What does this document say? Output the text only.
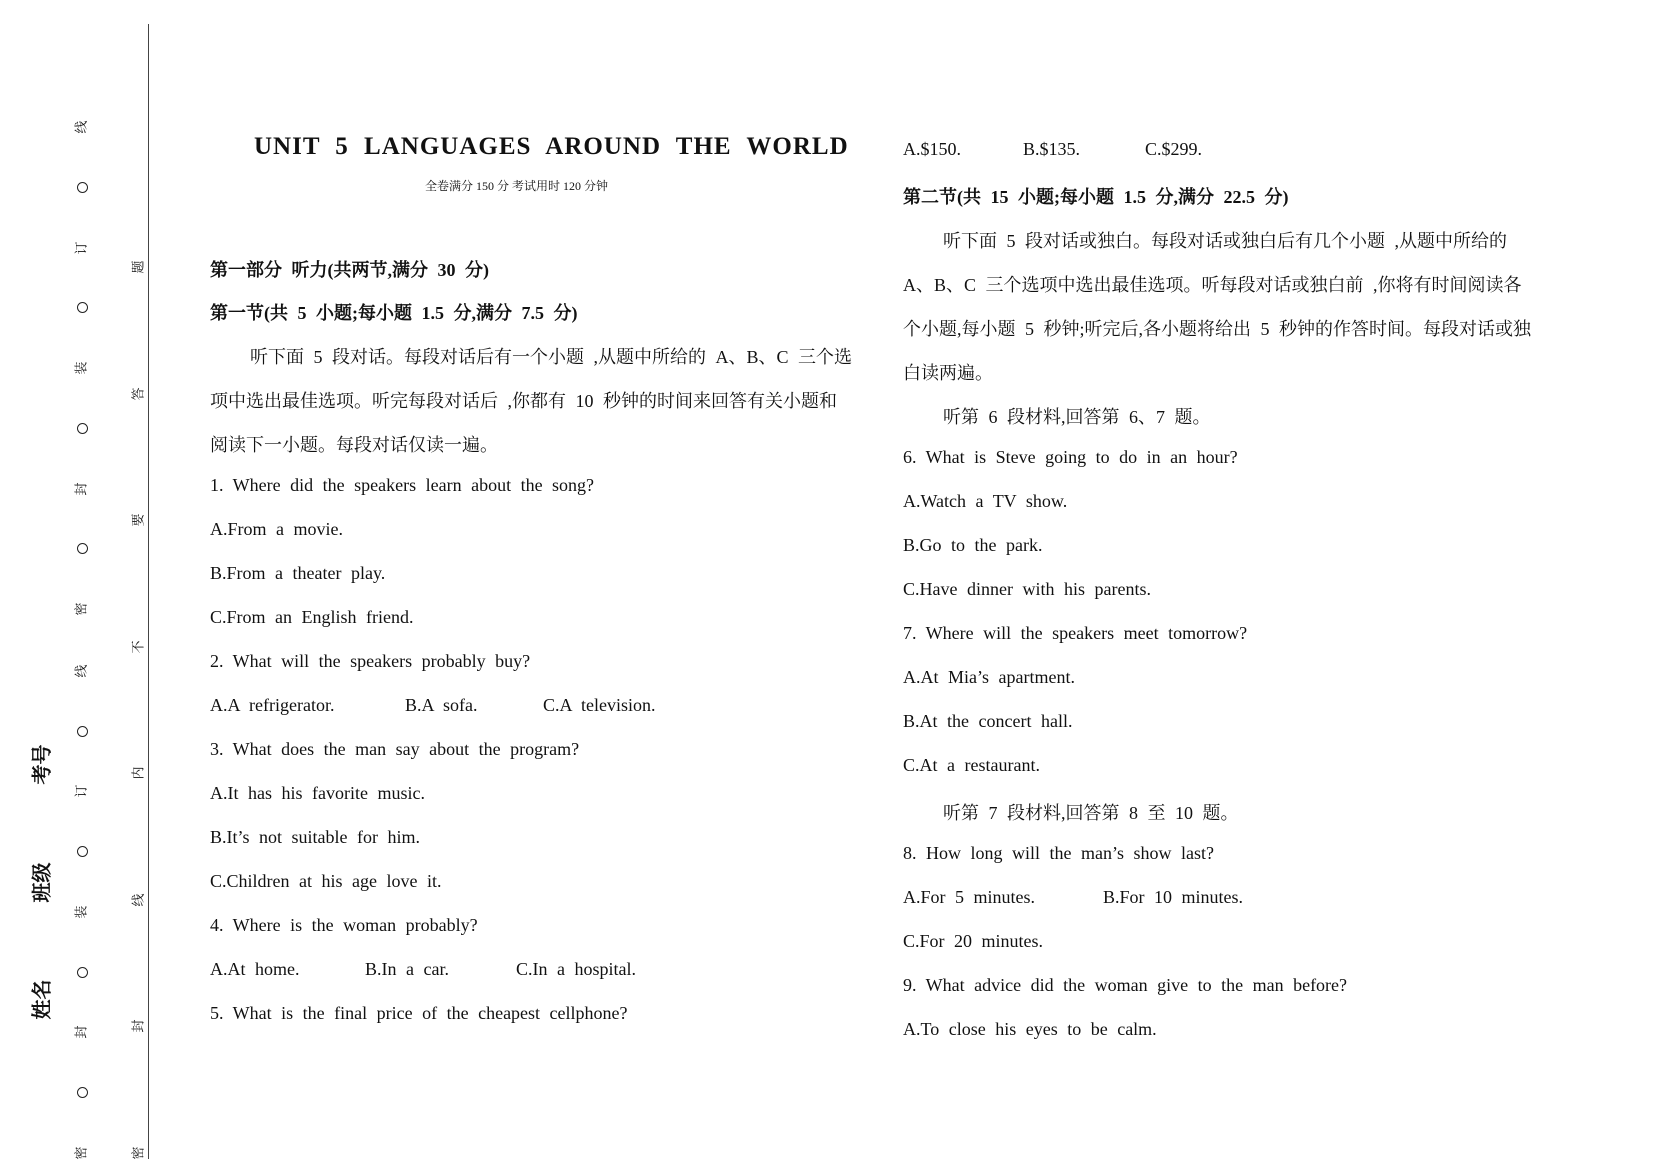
线
订
装
封
密
线
订
装
封
密
题
答
要
不
内
线
封
密
考号
班级
姓名
UNIT 5 LANGUAGES AROUND THE WORLD
全卷满分 150 分 考试用时 120 分钟
第一部分 听力(共两节,满分 30 分)
第一节(共 5 小题;每小题 1.5 分,满分 7.5 分)
听下面 5 段对话。每段对话后有一个小题 ,从题中所给的 A、B、C 三个选
项中选出最佳选项。听完每段对话后 ,你都有 10 秒钟的时间来回答有关小题和
阅读下一小题。每段对话仅读一遍。
1. Where did the speakers learn about the song?
A.From a movie.
B.From a theater play.
C.From an English friend.
2. What will the speakers probably buy?
A.A refrigerator.	B.A sofa.	C.A television.
3. What does the man say about the program?
A.It has his favorite music.
B.It’s not suitable for him.
C.Children at his age love it.
4. Where is the woman probably?
A.At home.	B.In a car.	C.In a hospital.
5. What is the final price of the cheapest cellphone?
A.$150.	B.$135.	C.$299.
第二节(共 15 小题;每小题 1.5 分,满分 22.5 分)
听下面 5 段对话或独白。每段对话或独白后有几个小题 ,从题中所给的
A、B、C 三个选项中选出最佳选项。听每段对话或独白前 ,你将有时间阅读各
个小题,每小题 5 秒钟;听完后,各小题将给出 5 秒钟的作答时间。每段对话或独
白读两遍。
听第 6 段材料,回答第 6、7 题。
6. What is Steve going to do in an hour?
A.Watch a TV show.
B.Go to the park.
C.Have dinner with his parents.
7. Where will the speakers meet tomorrow?
A.At Mia’s apartment.
B.At the concert hall.
C.At a restaurant.
听第 7 段材料,回答第 8 至 10 题。
8. How long will the man’s show last?
A.For 5 minutes.	B.For 10 minutes.
C.For 20 minutes.
9. What advice did the woman give to the man before?
A.To close his eyes to be calm.
